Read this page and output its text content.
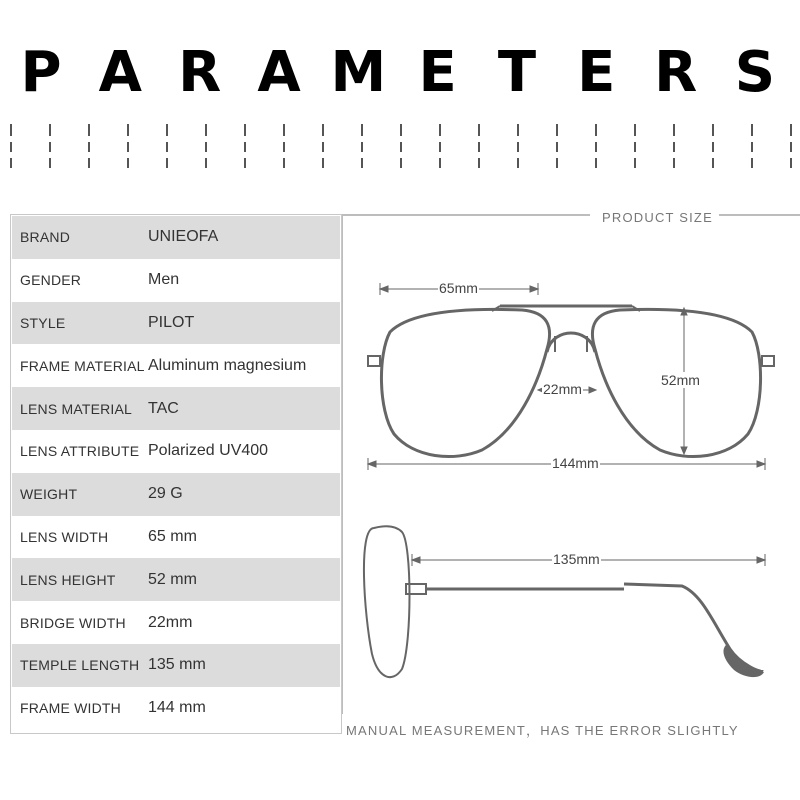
P A R A M E T E R S
BRAND	UNIEOFA
GENDER	Men
STYLE	PILOT
FRAME MATERIAL Aluminum magnesium
LENS MATERIAL TAC
LENS ATTRIBUTE Polarized UV400
WEIGHT	29 G
LENS WIDTH	65 mm
LENS HEIGHT	52 mm
BRIDGE WIDTH	22mm
TEMPLE LENGTH 135 mm
FRAME WIDTH	144 mm
PRODUCT SIZE
65mm
22mm
52mm
144mm
135mm
MANUAL MEASUREMENT，HAS THE ERROR SLIGHTLY
